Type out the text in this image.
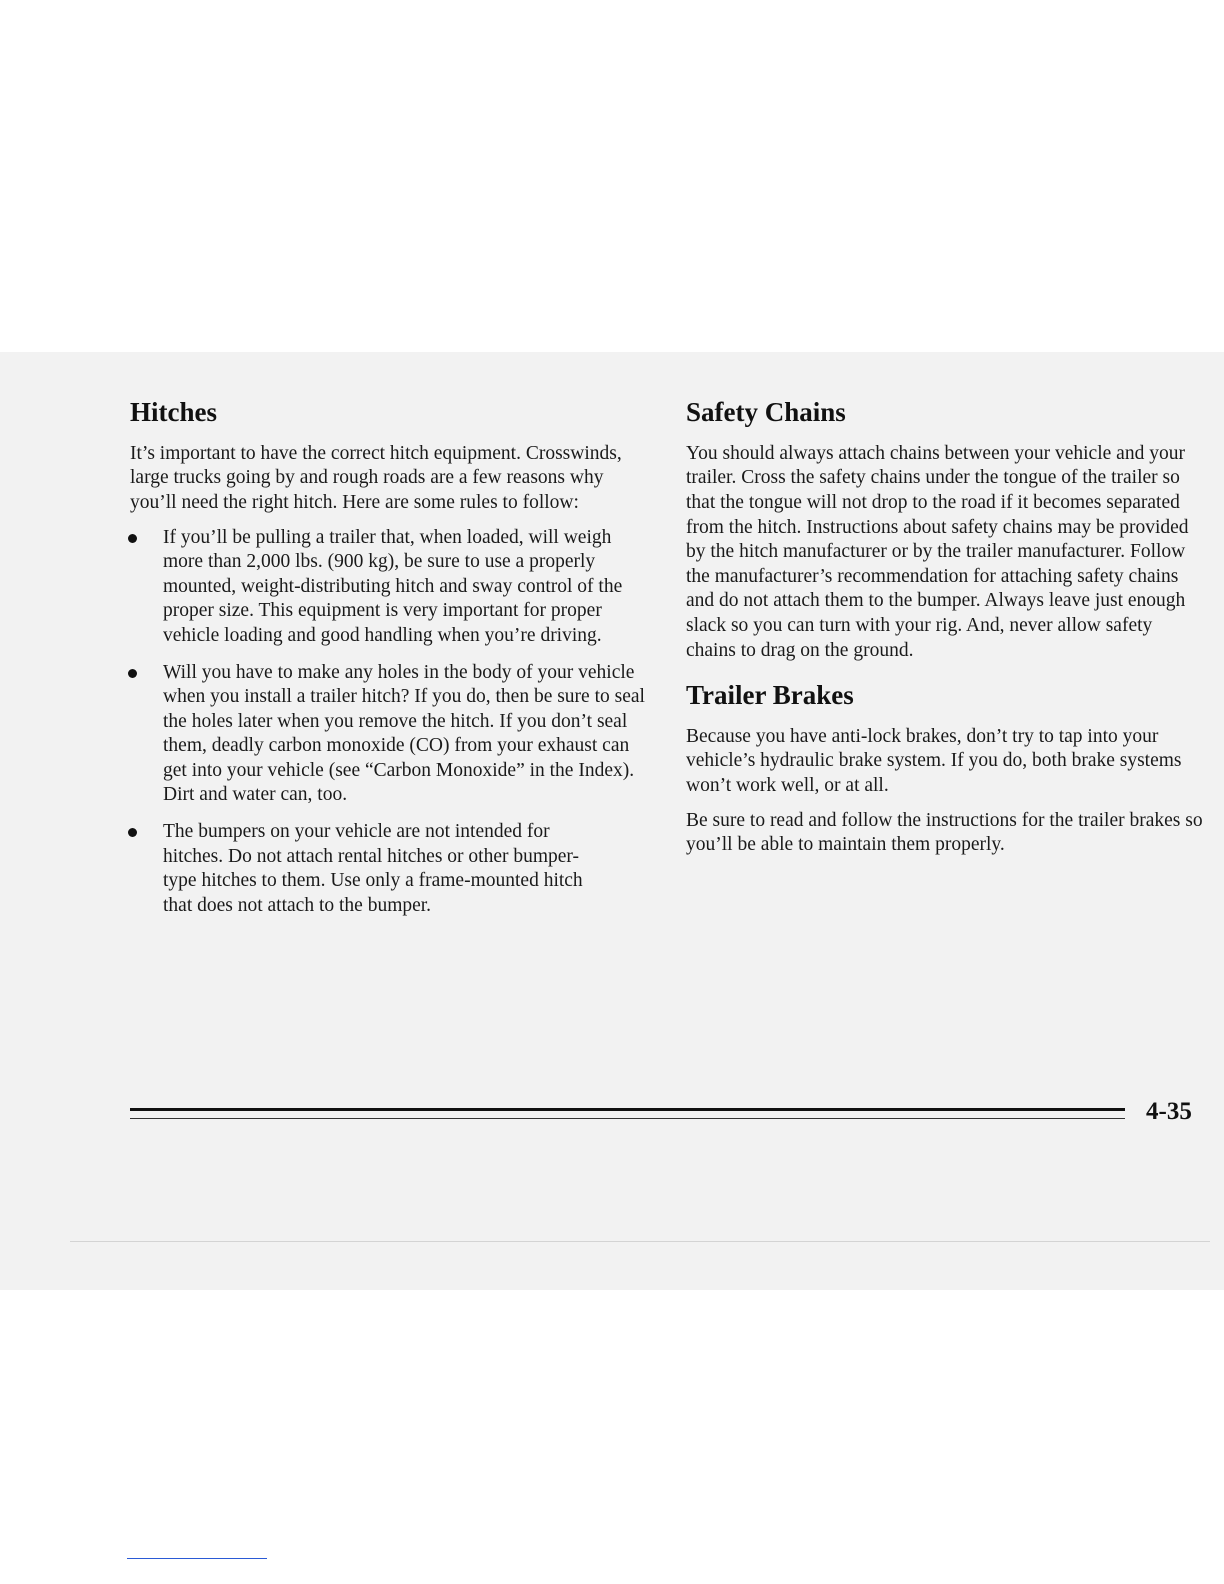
Hitches

It’s important to have the correct hitch equipment. Crosswinds, large trucks going by and rough roads are a few reasons why you’ll need the right hitch. Here are some rules to follow:

If you’ll be pulling a trailer that, when loaded, will weigh more than 2,000 lbs. (900 kg), be sure to use a properly mounted, weight-distributing hitch and sway control of the proper size. This equipment is very important for proper vehicle loading and good handling when you’re driving.
Will you have to make any holes in the body of your vehicle when you install a trailer hitch? If you do, then be sure to seal the holes later when you remove the hitch. If you don’t seal them, deadly carbon monoxide (CO) from your exhaust can get into your vehicle (see “Carbon Monoxide” in the Index). Dirt and water can, too.
The bumpers on your vehicle are not intended for hitches. Do not attach rental hitches or other bumper-type hitches to them. Use only a frame-mounted hitch that does not attach to the bumper.
Safety Chains

You should always attach chains between your vehicle and your trailer. Cross the safety chains under the tongue of the trailer so that the tongue will not drop to the road if it becomes separated from the hitch. Instructions about safety chains may be provided by the hitch manufacturer or by the trailer manufacturer. Follow the manufacturer’s recommendation for attaching safety chains and do not attach them to the bumper. Always leave just enough slack so you can turn with your rig. And, never allow safety chains to drag on the ground.

Trailer Brakes

Because you have anti-lock brakes, don’t try to tap into your vehicle’s hydraulic brake system. If you do, both brake systems won’t work well, or at all.

Be sure to read and follow the instructions for the trailer brakes so you’ll be able to maintain them properly.

4-35
